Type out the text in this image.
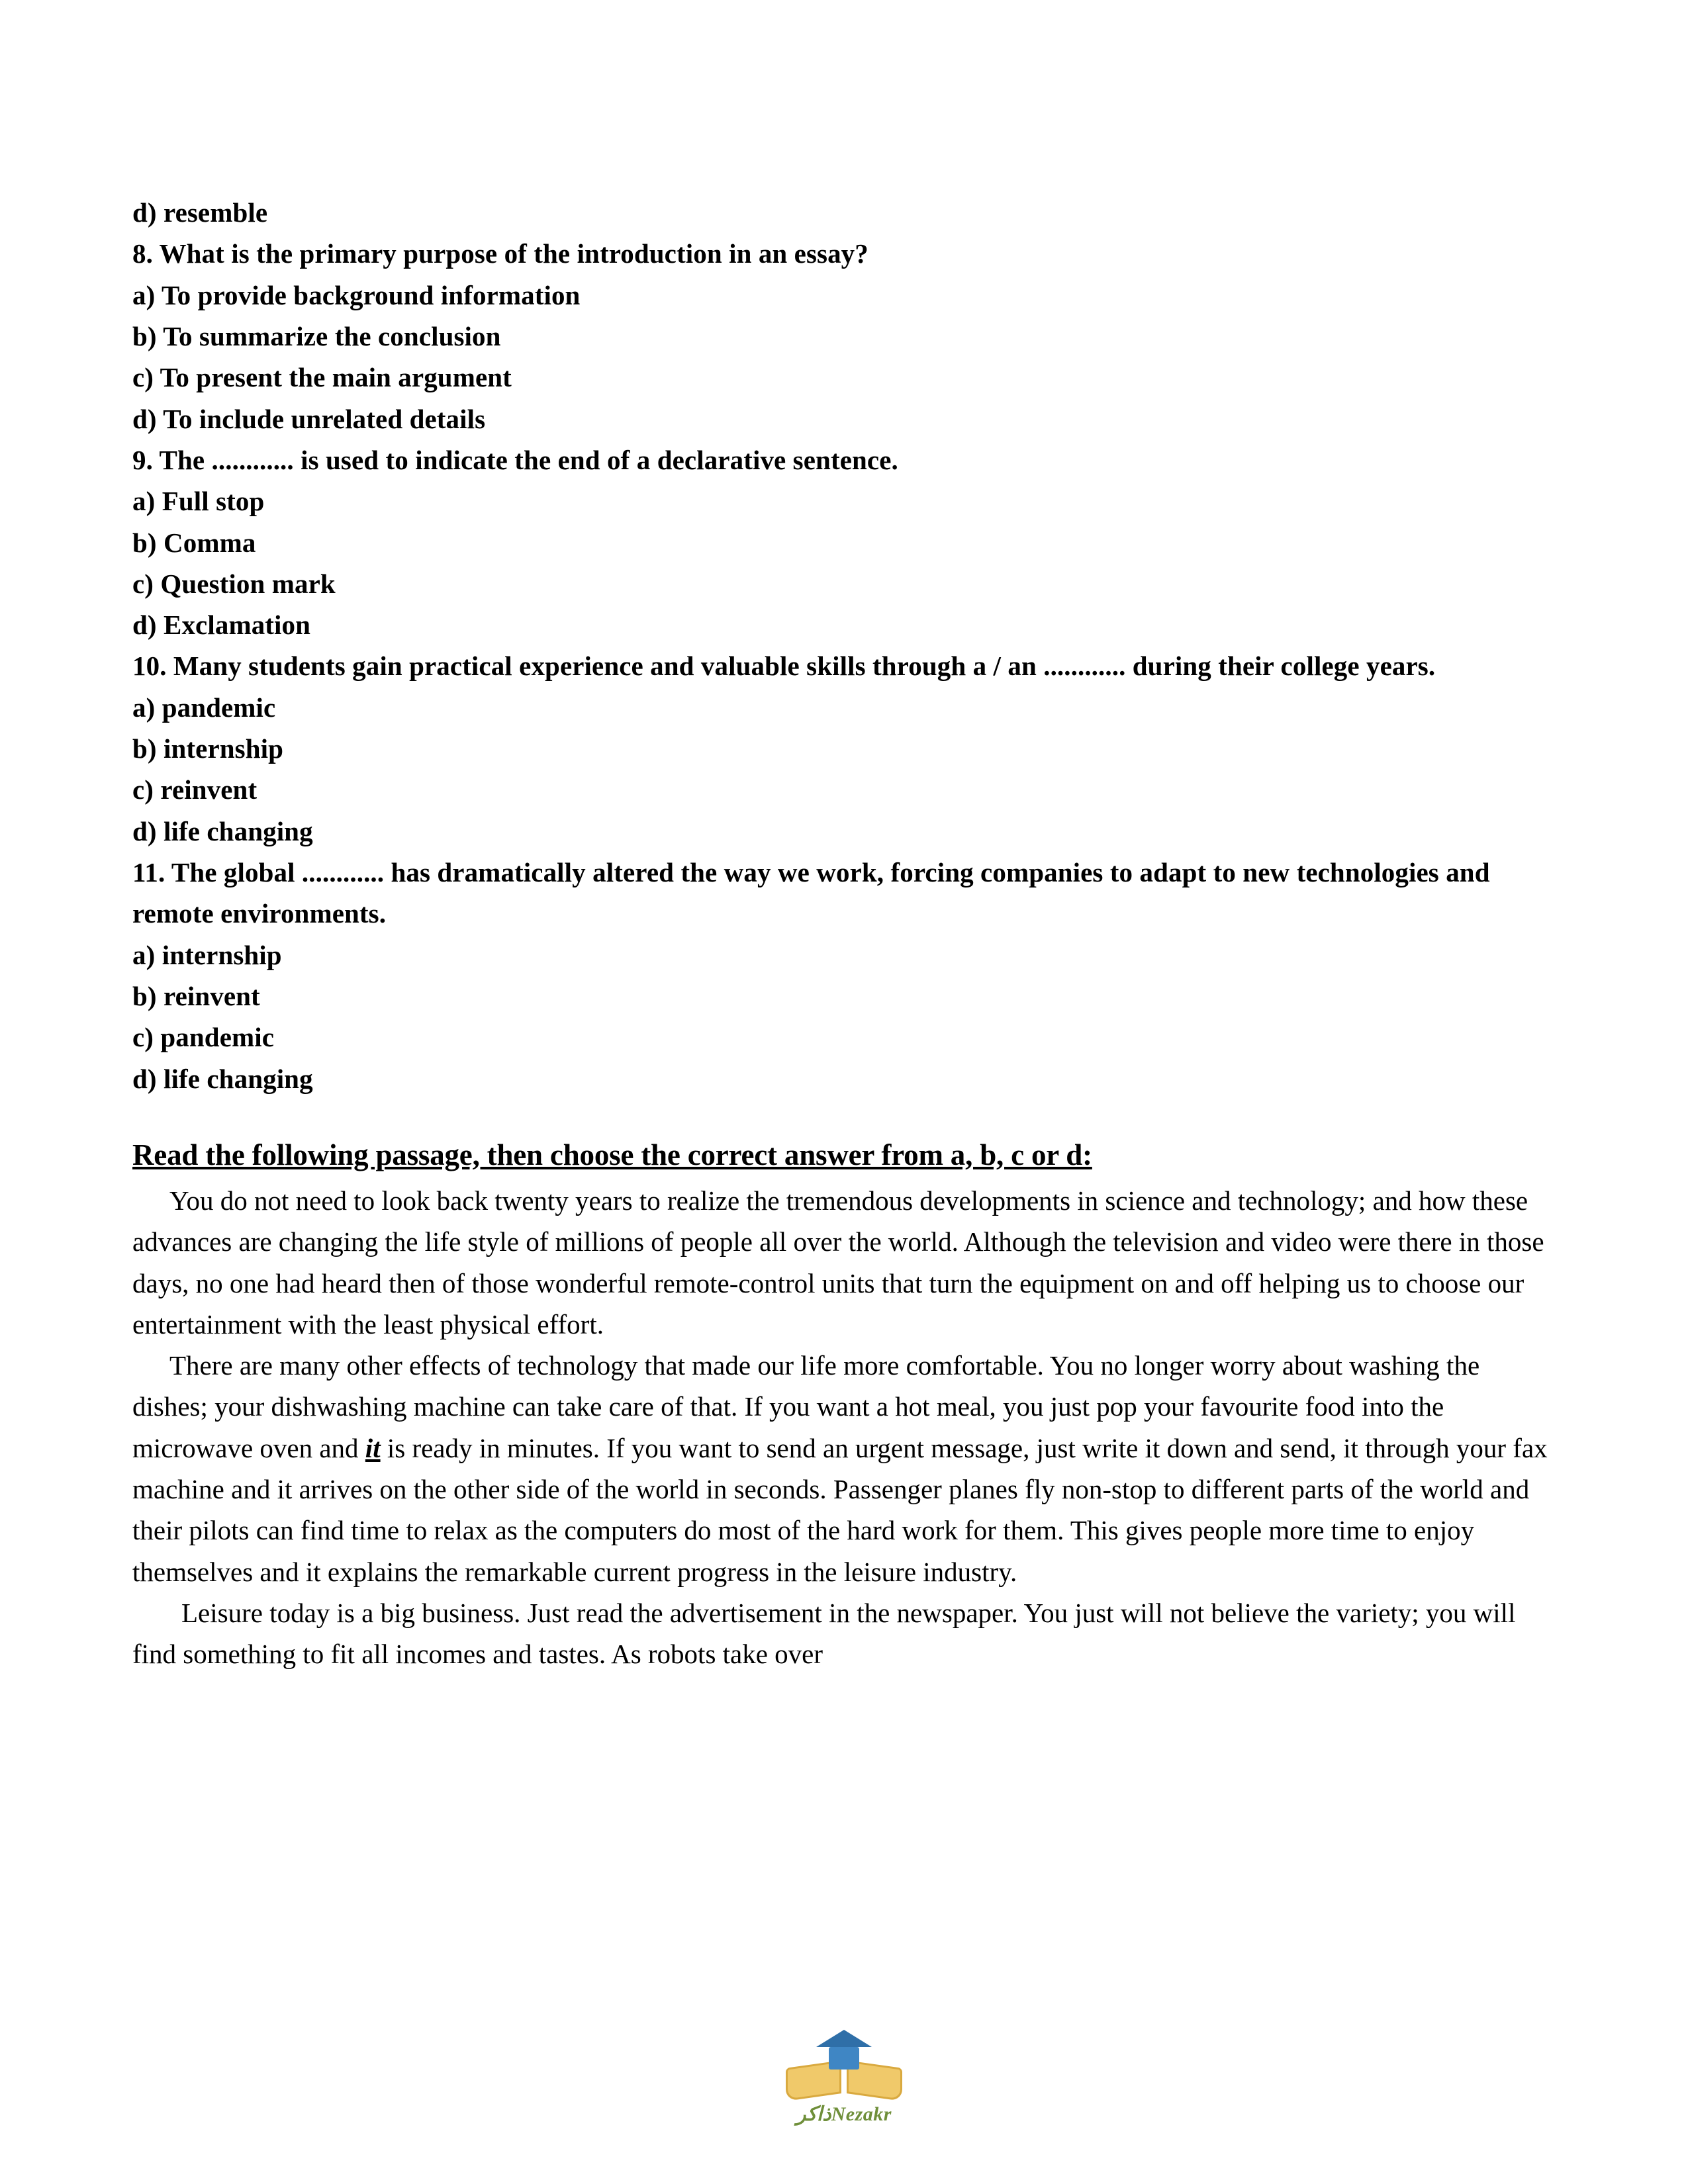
d) resemble

8. What is the primary purpose of the introduction in an essay?

a) To provide background information

b) To summarize the conclusion

c) To present the main argument

d) To include unrelated details

9. The ............ is used to indicate the end of a declarative sentence.

a) Full stop

b) Comma

c) Question mark

d) Exclamation

10. Many students gain practical experience and valuable skills through a / an ............ during their college years.

a) pandemic

b) internship

c) reinvent

d) life changing

11. The global ............ has dramatically altered the way we work, forcing companies to adapt to new technologies and remote environments.

a) internship

b) reinvent

c) pandemic

d) life changing

Read the following passage, then choose the correct answer from a, b, c or d:

You do not need to look back twenty years to realize the tremendous developments in science and technology; and how these advances are changing the life style of millions of people all over the world. Although the television and video were there in those days, no one had heard then of those wonderful remote-control units that turn the equipment on and off helping us to choose our entertainment with the least physical effort.

There are many other effects of technology that made our life more comfortable. You no longer worry about washing the dishes; your dishwashing machine can take care of that. If you want a hot meal, you just pop your favourite food into the microwave oven and it is ready in minutes. If you want to send an urgent message, just write it down and send, it through your fax machine and it arrives on the other side of the world in seconds. Passenger planes fly non-stop to different parts of the world and their pilots can find time to relax as the computers do most of the hard work for them. This gives people more time to enjoy themselves and it explains the remarkable current progress in the leisure industry.

Leisure today is a big business. Just read the advertisement in the newspaper. You just will not believe the variety; you will find something to fit all incomes and tastes. As robots take over

ذاكرNezakr
